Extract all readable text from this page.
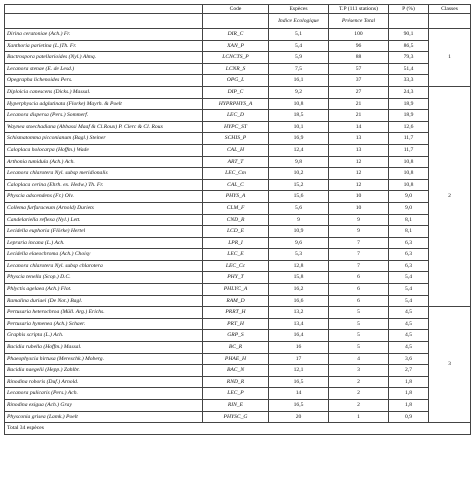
	Code	Espèces	T.P (111 stations)	P (%)	Classes
		Indice Ecologique	Présence Total		
Dirina ceratoniae (Ach.) Fr.	DIR_C	5,1	100	90,1	1
Xanthoria parietina (L.)Th. Fr.	XAN_P	5,4	96	86,5	
Bactrospora patellarioides (Nyl.) Almq.	LCNCTS_P	5,9	88	79,3	
Lecanora stenae (E. de Lesd.)	LCNR_S	7,5	57	51,4	
Opegrapha lichenoides Pers.	OPG_L	16,1	37	33,3	
Diploicia canescens (Dicks.) Massal.	DIP_C	9,2	27	24,3	2
Hyperphyscia adglutinata (Florke) Mayrh. & Poelt	HYPRPHYS_A	10,8	21	18,9	
Lecanora dispersa (Pers.) Sommerf.	LEC_D	18,5	21	18,9	
Waynea stoechadiana (Abbassi Maaf & Cl.Roux) P. Clerc & Cl. Roux	HYPC_ST	10,1	14	12,6	
Schismatomma picconianum (Bagl.) Steiner	SCHIS_P	16,9	13	11,7	
Caloplaca holocarpa (Hoffm.) Wade	CAL_H	12,4	13	11,7	
Arthonia tumidula (Ach.) Ach.	ART_T	9,8	12	10,8	
Lecanora chlarotera Nyl. subsp meridionalis	LEC_Cm	10,2	12	10,8	
Caloplaca cerina (Ehrh. ex. Hedw.) Th. Fr.	CAL_C	15,2	12	10,8	
Physcia adscendens (Fr.) Olv.	PHYS_A	15,6	10	9,0	
Collema furfuraceum (Arnold) Duriets	CLM_F	5,6	10	9,0	
Candelariella reflexa (Nyl.) Lett.	CND_R	9	9	8,1	
Lecidella euphoria (Flörke) Hertel	LCD_E	10,9	9	8,1	
Lepraria incana (L.) Ach.	LPR_I	9,6	7	6,3	
Lecidella elaeochroma (Ach.) Choisy	LEC_E	5,3	7	6,3	
Lecanora chlarotera Nyl. subsp chlarotera	LEC_Cc	12,8	7	6,3	
Physcia tenella (Scop.) D.C.	PHY_T	15,8	6	5,4	
Phlyctis agelaea (Ach.) Flot.	PHLYC_A	16,2	6	5,4	
Ramalina duriaei (De Not.) Bagl.	RAM_D	16,6	6	5,4	
Pertusaria heterochroa (Müll. Arg.) Erichs.	PRRT_H	13,2	5	4,5	3
Pertusaria hymenea (Ach.) Schaer.	PRT_H	13,4	5	4,5	
Graphis scripta (L.) Ach.	GRP_S	16,4	5	4,5	
Bacidia rubella (Hoffm.) Massal.	BC_R	16	5	4,5	
Phaeophyscia hirtusa (Mereschk.) Moberg.	PHAE_H	17	4	3,6	
Bacidia naegelii (Hepp.) Zahlbr.	BAC_N	12,1	3	2,7	
Rinodina roboris (Duf.) Arnold.	RND_R	16,5	2	1,8	
Lecanora pulicaris (Pers.) Ach.	LEC_P	14	2	1,8	
Rinodina exigua (Ach.) Gray	RIN_E	16,5	2	1,8	
Physconia grisea (Lamk.) Poelt	PHYSC_G	20	1	0,9	
Total 34 espèces					
